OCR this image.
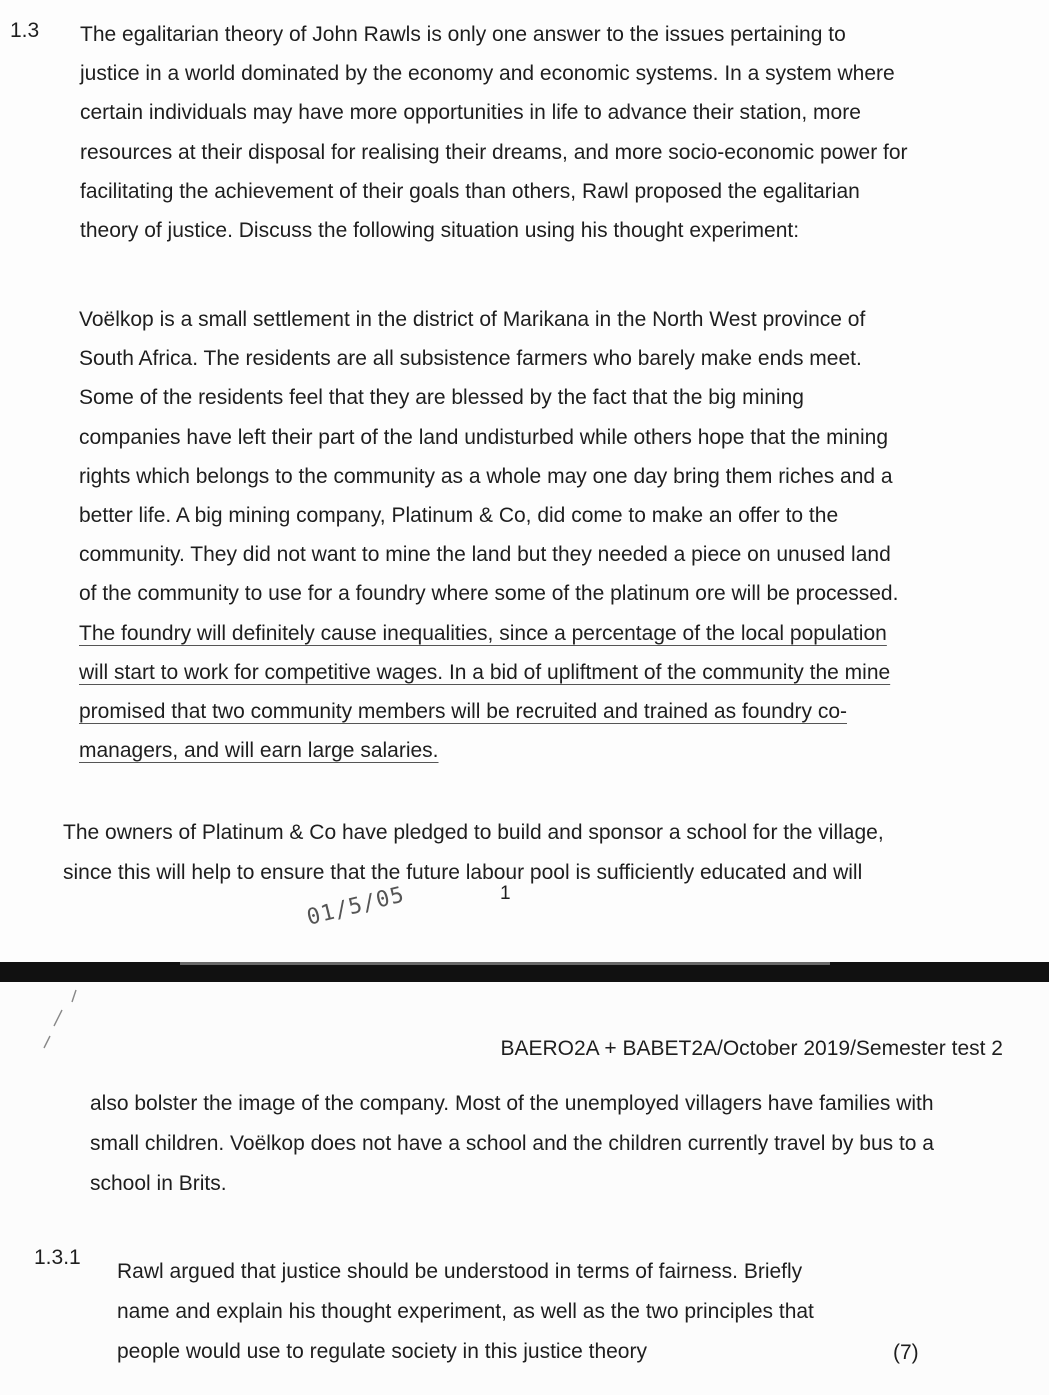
1.3 The egalitarian theory of John Rawls is only one answer to the issues pertaining to
justice in a world dominated by the economy and economic systems. In a system where
certain individuals may have more opportunities in life to advance their station, more
resources at their disposal for realising their dreams, and more socio-economic power for
facilitating the achievement of their goals than others, Rawl proposed the egalitarian
theory of justice. Discuss the following situation using his thought experiment:

Voëlkop is a small settlement in the district of Marikana in the North West province of
South Africa. The residents are all subsistence farmers who barely make ends meet.
Some of the residents feel that they are blessed by the fact that the big mining
companies have left their part of the land undisturbed while others hope that the mining
rights which belongs to the community as a whole may one day bring them riches and a
better life. A big mining company, Platinum & Co, did come to make an offer to the
community. They did not want to mine the land but they needed a piece on unused land
of the community to use for a foundry where some of the platinum ore will be processed.
The foundry will definitely cause inequalities, since a percentage of the local population
will start to work for competitive wages. In a bid of upliftment of the community the mine
promised that two community members will be recruited and trained as foundry co-
managers, and will earn large salaries.

The owners of Platinum & Co have pledged to build and sponsor a school for the village,
since this will help to ensure that the future labour pool is sufficiently educated and will

1
01/5/05
BAERO2A + BABET2A/October 2019/Semester test 2

also bolster the image of the company. Most of the unemployed villagers have families with
small children. Voëlkop does not have a school and the children currently travel by bus to a
school in Brits.

1.3.1

Rawl argued that justice should be understood in terms of fairness. Briefly
name and explain his thought experiment, as well as the two principles that
people would use to regulate society in this justice theory	(7)
